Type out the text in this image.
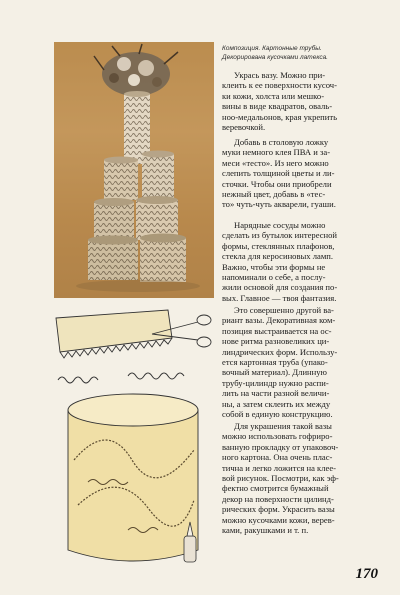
Композиция. Картонные трубы.
Декорирована кусочками латекса.
Укрась вазу. Можно при-
клеить к ее поверхности кусоч-
ки кожи, холста или мешко-
вины в виде квадратов, оваль-
ноо-медальонов, края укрепить
веревочкой.
Добавь в столовую ложку
муки немного клея ПВА и за-
меси «тесто». Из него можно
слепить толщиной цветы и ли-
сточки. Чтобы они приобрели
нежный цвет, добавь в «тес-
то» чуть-чуть акварели, гуаши.
Нарядные сосуды можно
сделать из бутылок интересной
формы, стеклянных плафонов,
стекла для керосиновых ламп.
Важно, чтобы эти формы не
напоминали о себе, а послу-
жили основой для создания по-
вых. Главное — твоя фантазия.
Это совершенно другой ва-
риант вазы. Декоративная ком-
позиция выстраивается на ос-
нове ритма разновеликих ци-
линдрических форм. Использу-
ется картонная труба (упако-
вочный материал). Длинную
трубу-цилиндр нужно распи-
лить на части разной величи-
ны, а затем склеить их между
собой в единую конструкцию.
Для украшения такой вазы
можно использовать гофриро-
ванную прокладку от упаковоч-
ного картона. Она очень плас-
тична и легко ложится на клее-
вой рисунок. Посмотри, как эф-
фектно смотрится бумажный
декор на поверхности цилинд-
рических форм. Украсить вазы
можно кусочками кожи, верев-
ками, ракушками и т. п.
170
